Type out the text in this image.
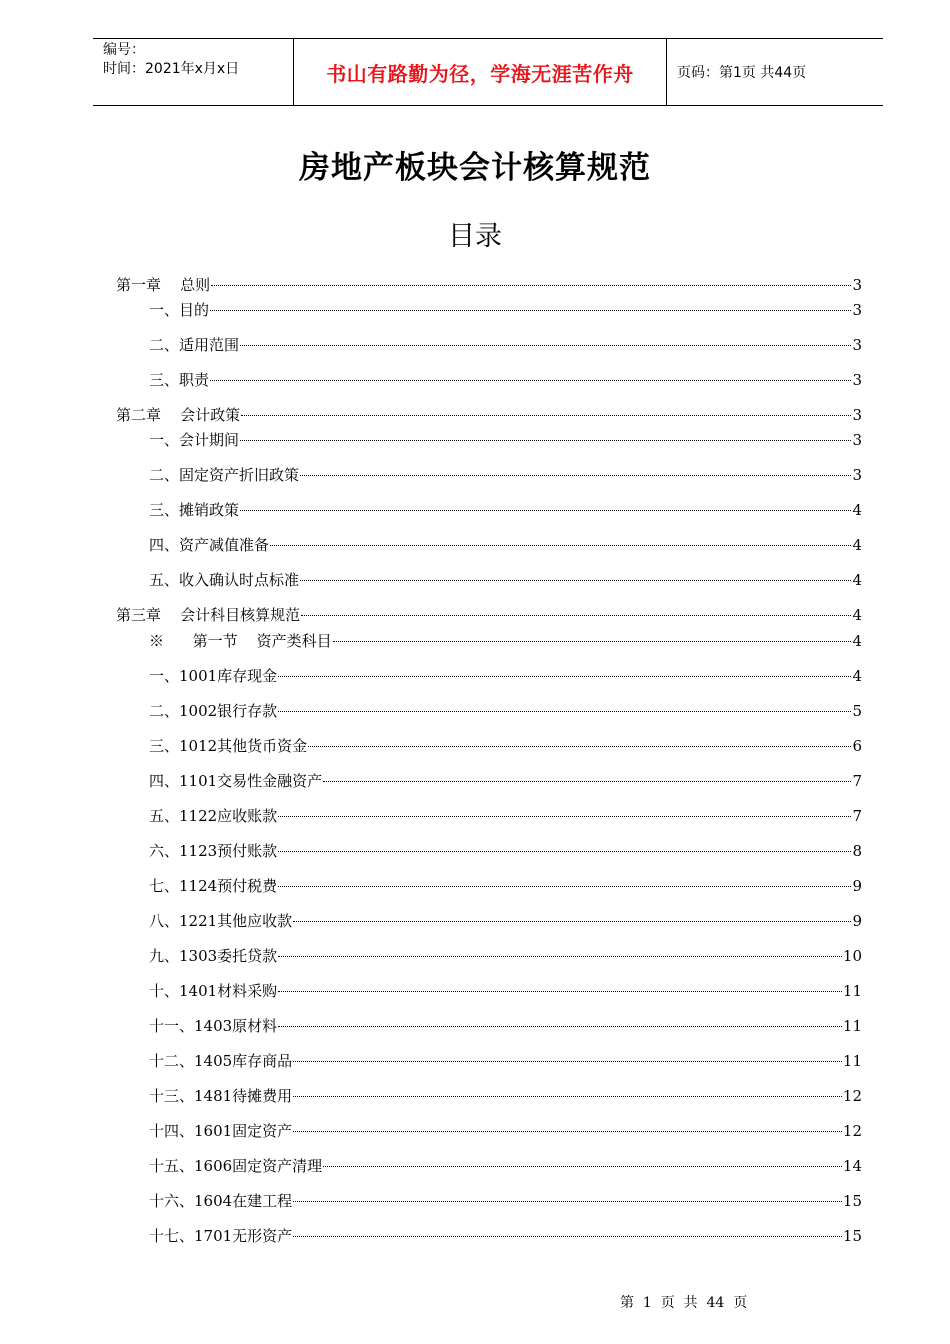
编号：
时间：2021年x月x日	书山有路勤为径，学海无涯苦作舟	页码：第1页 共44页
房地产板块会计核算规范
目录
第一章    总则	3
一、目的	3
二、适用范围	3
三、职责	3
第二章    会计政策	3
一、会计期间	3
二、固定资产折旧政策	3
三、摊销政策	4
四、资产减值准备	4
五、收入确认时点标准	4
第三章    会计科目核算规范	4
※      第一节    资产类科目	4
一、1001库存现金	4
二、1002银行存款	5
三、1012其他货币资金	6
四、1101交易性金融资产	7
五、1122应收账款	7
六、1123预付账款	8
七、1124预付税费	9
八、1221其他应收款	9
九、1303委托贷款	10
十、1401材料采购	11
十一、1403原材料	11
十二、1405库存商品	11
十三、1481待摊费用	12
十四、1601固定资产	12
十五、1606固定资产清理	14
十六、1604在建工程	15
十七、1701无形资产	15
第  1  页  共  44  页
